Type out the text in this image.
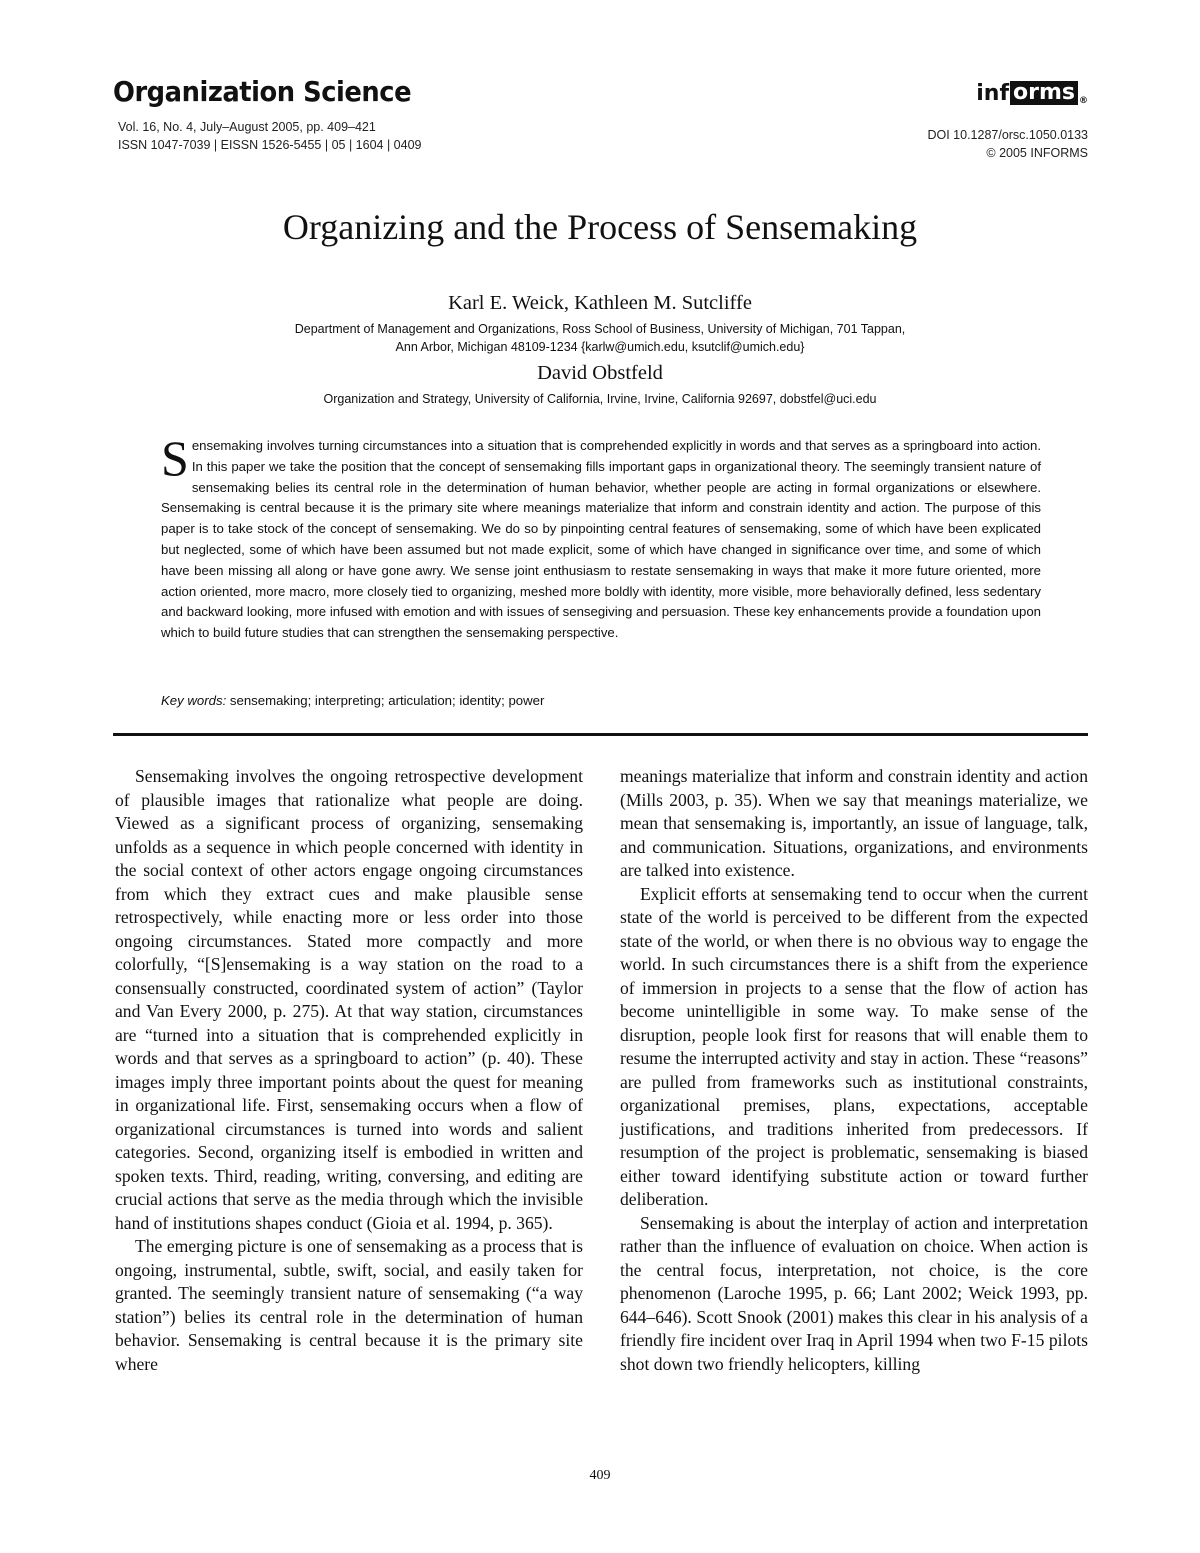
Organization Science	inf orms ®
Vol. 16, No. 4, July–August 2005, pp. 409–421
ISSN 1047-7039 | EISSN 1526-5455 | 05 | 1604 | 0409
DOI 10.1287/orsc.1050.0133
© 2005 INFORMS
Organizing and the Process of Sensemaking
Karl E. Weick, Kathleen M. Sutcliffe
Department of Management and Organizations, Ross School of Business, University of Michigan, 701 Tappan,
Ann Arbor, Michigan 48109-1234 {karlw@umich.edu, ksutclif@umich.edu}
David Obstfeld
Organization and Strategy, University of California, Irvine, Irvine, California 92697, dobstfel@uci.edu

Sensemaking involves turning circumstances into a situation that is comprehended explicitly in words and that serves as a springboard into action. In this paper we take the position that the concept of sensemaking fills important gaps in organizational theory. The seemingly transient nature of sensemaking belies its central role in the determination of human behavior, whether people are acting in formal organizations or elsewhere. Sensemaking is central because it is the primary site where meanings materialize that inform and constrain identity and action. The purpose of this paper is to take stock of the concept of sensemaking. We do so by pinpointing central features of sensemaking, some of which have been explicated but neglected, some of which have been assumed but not made explicit, some of which have changed in significance over time, and some of which have been missing all along or have gone awry. We sense joint enthusiasm to restate sensemaking in ways that make it more future oriented, more action oriented, more macro, more closely tied to organizing, meshed more boldly with identity, more visible, more behaviorally defined, less sedentary and backward looking, more infused with emotion and with issues of sensegiving and persuasion. These key enhancements provide a foundation upon which to build future studies that can strengthen the sensemaking perspective.

Key words: sensemaking; interpreting; articulation; identity; power

Sensemaking involves the ongoing retrospective development of plausible images that rationalize what people are doing. Viewed as a significant process of organizing, sensemaking unfolds as a sequence in which people concerned with identity in the social context of other actors engage ongoing circumstances from which they extract cues and make plausible sense retrospectively, while enacting more or less order into those ongoing circumstances. Stated more compactly and more colorfully, “[S]ensemaking is a way station on the road to a consensually constructed, coordinated system of action” (Taylor and Van Every 2000, p. 275). At that way station, circumstances are “turned into a situation that is comprehended explicitly in words and that serves as a springboard to action” (p. 40). These images imply three important points about the quest for meaning in organizational life. First, sensemaking occurs when a flow of organizational circumstances is turned into words and salient categories. Second, organizing itself is embodied in written and spoken texts. Third, reading, writing, conversing, and editing are crucial actions that serve as the media through which the invisible hand of institutions shapes conduct (Gioia et al. 1994, p. 365).

The emerging picture is one of sensemaking as a process that is ongoing, instrumental, subtle, swift, social, and easily taken for granted. The seemingly transient nature of sensemaking (“a way station”) belies its central role in the determination of human behavior. Sensemaking is central because it is the primary site where

meanings materialize that inform and constrain identity and action (Mills 2003, p. 35). When we say that meanings materialize, we mean that sensemaking is, importantly, an issue of language, talk, and communication. Situations, organizations, and environments are talked into existence.

Explicit efforts at sensemaking tend to occur when the current state of the world is perceived to be different from the expected state of the world, or when there is no obvious way to engage the world. In such circumstances there is a shift from the experience of immersion in projects to a sense that the flow of action has become unintelligible in some way. To make sense of the disruption, people look first for reasons that will enable them to resume the interrupted activity and stay in action. These “reasons” are pulled from frameworks such as institutional constraints, organizational premises, plans, expectations, acceptable justifications, and traditions inherited from predecessors. If resumption of the project is problematic, sensemaking is biased either toward identifying substitute action or toward further deliberation.

Sensemaking is about the interplay of action and interpretation rather than the influence of evaluation on choice. When action is the central focus, interpretation, not choice, is the core phenomenon (Laroche 1995, p. 66; Lant 2002; Weick 1993, pp. 644–646). Scott Snook (2001) makes this clear in his analysis of a friendly fire incident over Iraq in April 1994 when two F-15 pilots shot down two friendly helicopters, killing

409
